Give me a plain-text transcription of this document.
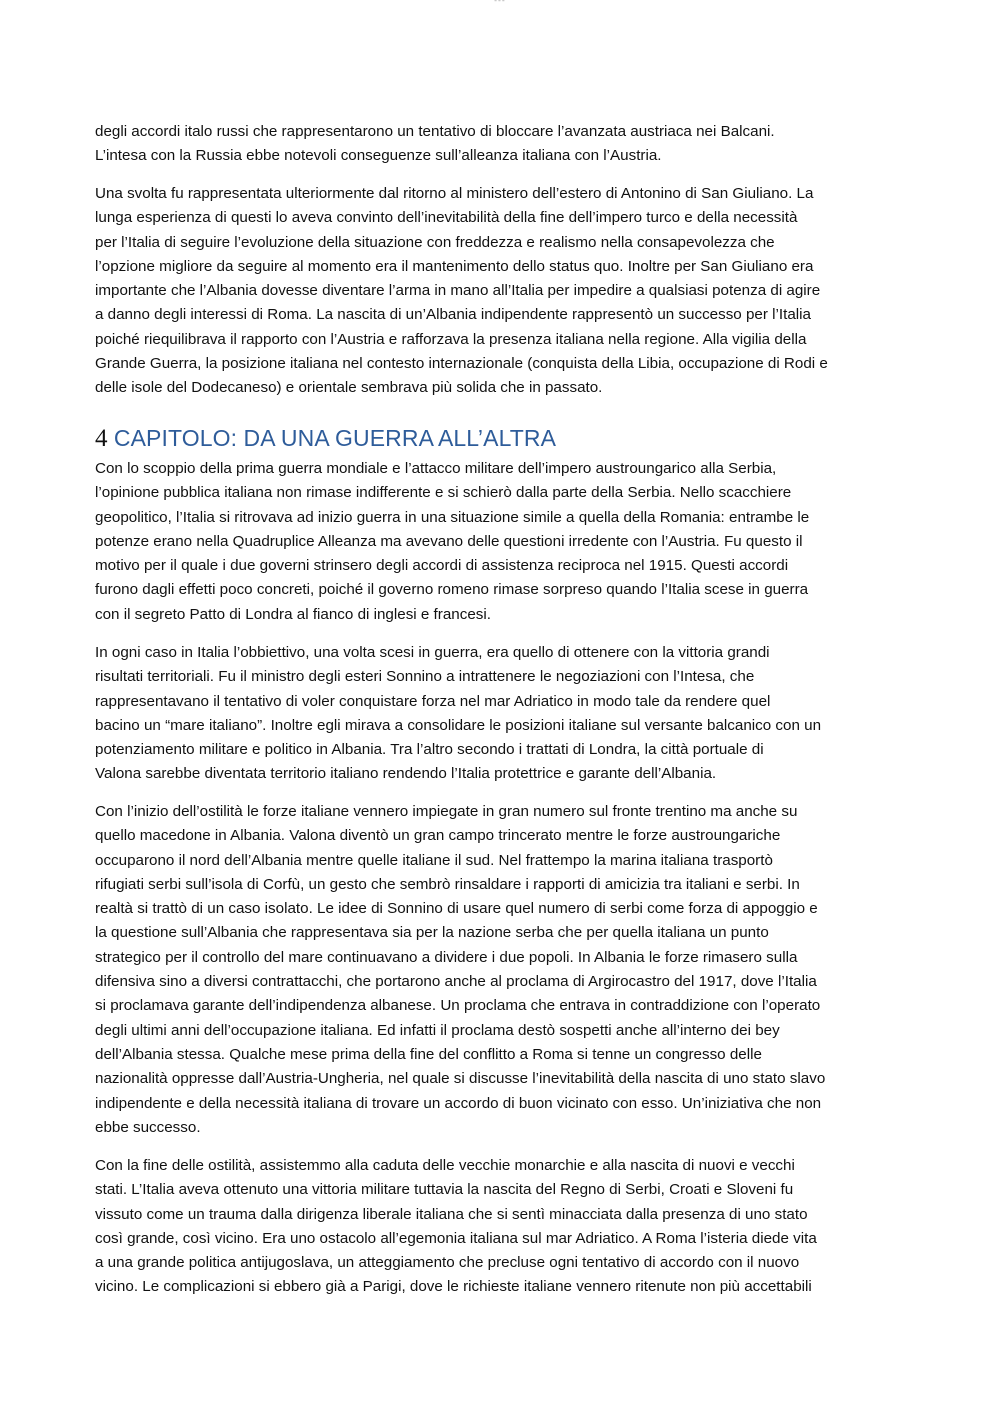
---

degli accordi italo russi che rappresentarono un tentativo di bloccare l’avanzata austriaca nei Balcani.
L’intesa con la Russia ebbe notevoli conseguenze sull’alleanza italiana con l’Austria.

Una svolta fu rappresentata ulteriormente dal ritorno al ministero dell’estero di Antonino di San Giuliano. La
lunga esperienza di questi lo aveva convinto dell’inevitabilità della fine dell’impero turco e della necessità
per l’Italia di seguire l’evoluzione della situazione con freddezza e realismo nella consapevolezza che
l’opzione migliore da seguire al momento era il mantenimento dello status quo. Inoltre per San Giuliano era
importante che l’Albania dovesse diventare l’arma in mano all’Italia per impedire a qualsiasi potenza di agire
a danno degli interessi di Roma. La nascita di un’Albania indipendente rappresentò un successo per l’Italia
poiché riequilibrava il rapporto con l’Austria e rafforzava la presenza italiana nella regione. Alla vigilia della
Grande Guerra, la posizione italiana nel contesto internazionale (conquista della Libia, occupazione di Rodi e
delle isole del Dodecaneso) e orientale sembrava più solida che in passato.

4 CAPITOLO: DA UNA GUERRA ALL’ALTRA

Con lo scoppio della prima guerra mondiale e l’attacco militare dell’impero austroungarico alla Serbia,
l’opinione pubblica italiana non rimase indifferente e si schierò dalla parte della Serbia. Nello scacchiere
geopolitico, l’Italia si ritrovava ad inizio guerra in una situazione simile a quella della Romania: entrambe le
potenze erano nella Quadruplice Alleanza ma avevano delle questioni irredente con l’Austria. Fu questo il
motivo per il quale i due governi strinsero degli accordi di assistenza reciproca nel 1915. Questi accordi
furono dagli effetti poco concreti, poiché il governo romeno rimase sorpreso quando l’Italia scese in guerra
con il segreto Patto di Londra al fianco di inglesi e francesi.

In ogni caso in Italia l’obbiettivo, una volta scesi in guerra, era quello di ottenere con la vittoria grandi
risultati territoriali. Fu il ministro degli esteri Sonnino a intrattenere le negoziazioni con l’Intesa, che
rappresentavano il tentativo di voler conquistare forza nel mar Adriatico in modo tale da rendere quel
bacino un “mare italiano”. Inoltre egli mirava a consolidare le posizioni italiane sul versante balcanico con un
potenziamento militare e politico in Albania. Tra l’altro secondo i trattati di Londra, la città portuale di
Valona sarebbe diventata territorio italiano rendendo l’Italia protettrice e garante dell’Albania.

Con l’inizio dell’ostilità le forze italiane vennero impiegate in gran numero sul fronte trentino ma anche su
quello macedone in Albania. Valona diventò un gran campo trincerato mentre le forze austroungariche
occuparono il nord dell’Albania mentre quelle italiane il sud. Nel frattempo la marina italiana trasportò
rifugiati serbi sull’isola di Corfù, un gesto che sembrò rinsaldare i rapporti di amicizia tra italiani e serbi. In
realtà si trattò di un caso isolato. Le idee di Sonnino di usare quel numero di serbi come forza di appoggio e
la questione sull’Albania che rappresentava sia per la nazione serba che per quella italiana un punto
strategico per il controllo del mare continuavano a dividere i due popoli. In Albania le forze rimasero sulla
difensiva sino a diversi contrattacchi, che portarono anche al proclama di Argirocastro del 1917, dove l’Italia
si proclamava garante dell’indipendenza albanese. Un proclama che entrava in contraddizione con l’operato
degli ultimi anni dell’occupazione italiana. Ed infatti il proclama destò sospetti anche all’interno dei bey
dell’Albania stessa. Qualche mese prima della fine del conflitto a Roma si tenne un congresso delle
nazionalità oppresse dall’Austria-Ungheria, nel quale si discusse l’inevitabilità della nascita di uno stato slavo
indipendente e della necessità italiana di trovare un accordo di buon vicinato con esso. Un’iniziativa che non
ebbe successo.

Con la fine delle ostilità, assistemmo alla caduta delle vecchie monarchie e alla nascita di nuovi e vecchi
stati. L’Italia aveva ottenuto una vittoria militare tuttavia la nascita del Regno di Serbi, Croati e Sloveni fu
vissuto come un trauma dalla dirigenza liberale italiana che si sentì minacciata dalla presenza di uno stato
così grande, così vicino. Era uno ostacolo all’egemonia italiana sul mar Adriatico. A Roma l’isteria diede vita
a una grande politica antijugoslava, un atteggiamento che precluse ogni tentativo di accordo con il nuovo
vicino. Le complicazioni si ebbero già a Parigi, dove le richieste italiane vennero ritenute non più accettabili
